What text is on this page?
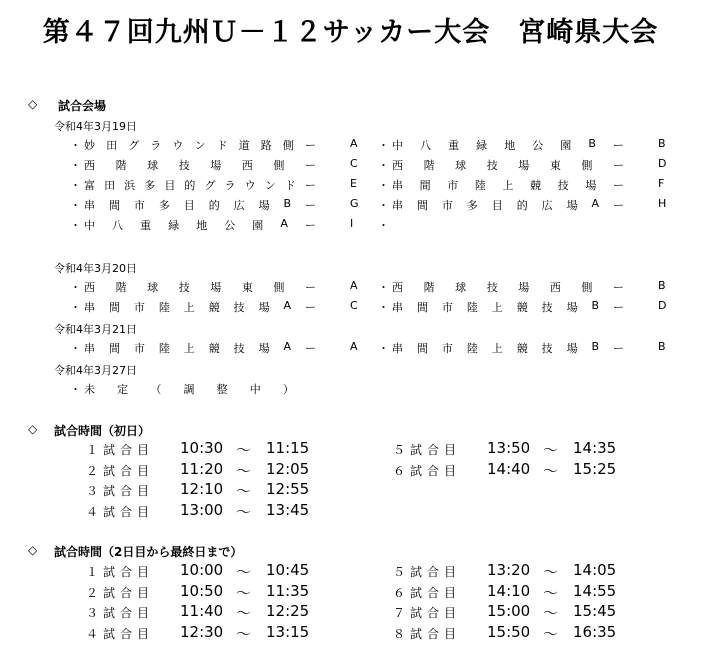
第４７回九州Ｕ－１２サッカー大会　宮崎県大会
◇ 試合会場
令和4年3月19日
・ 妙 田 グ ラ ウ ン ド 道 路 側 ー	A ・ 中 八 重 緑 地 公 園 B ー	B
・ 西 階 球 技 場 西 側 ー	C ・ 西 階 球 技 場 東 側 ー	D
・ 富 田 浜 多 目 的 グ ラ ウ ン ド ー	E ・ 串 間 市 陸 上 競 技 場 ー	F
・ 串 間 市 多 目 的 広 場 B ー	G ・ 串 間 市 多 目 的 広 場 A ー	H
・ 中 八 重 緑 地 公 園 A ー	I ・
令和4年3月20日
・ 西 階 球 技 場 東 側 ー	A ・ 西 階 球 技 場 西 側 ー	B
・ 串 間 市 陸 上 競 技 場 A ー	C ・ 串 間 市 陸 上 競 技 場 B ー	D
令和4年3月21日
・ 串 間 市 陸 上 競 技 場 A ー	A ・ 串 間 市 陸 上 競 技 場 B ー	B
令和4年3月27日
・ 未 定 （ 調 整 中 ）
◇ 試合時間（初日）
１試合目 10:30 ～ 11:15
２試合目 11:20 ～ 12:05
３試合目 12:10 ～ 12:55
４試合目 13:00 ～ 13:45
５試合目 13:50 ～ 14:35
６試合目 14:40 ～ 15:25
◇ 試合時間（2日目から最終日まで）
１試合目 10:00 ～ 10:45
２試合目 10:50 ～ 11:35
３試合目 11:40 ～ 12:25
４試合目 12:30 ～ 13:15
５試合目 13:20 ～ 14:05
６試合目 14:10 ～ 14:55
７試合目 15:00 ～ 15:45
８試合目 15:50 ～ 16:35
